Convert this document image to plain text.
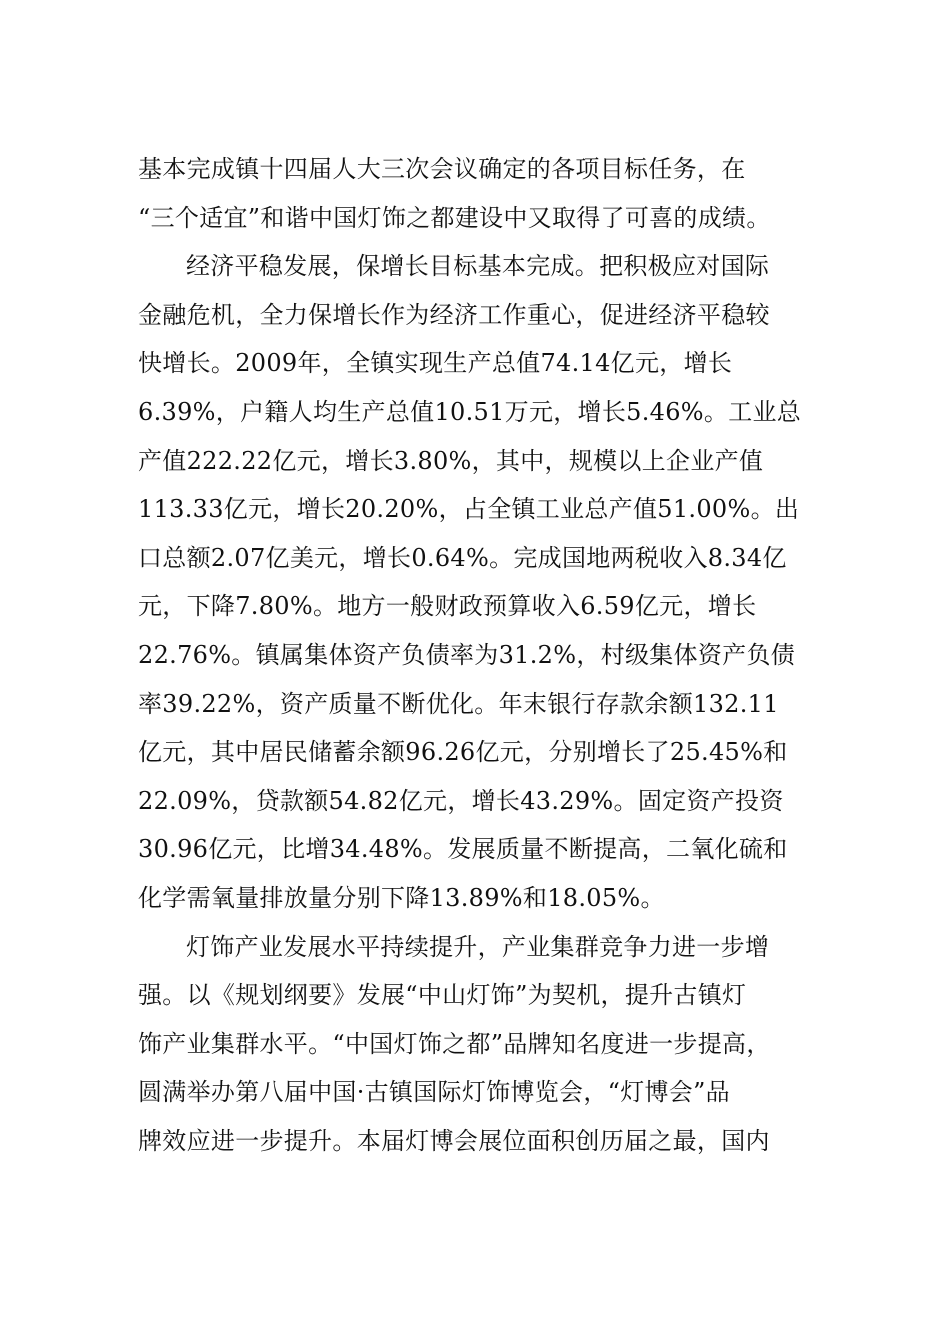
基本完成镇十四届人大三次会议确定的各项目标任务，在
“三个适宜”和谐中国灯饰之都建设中又取得了可喜的成绩。
经济平稳发展，保增长目标基本完成。把积极应对国际
金融危机，全力保增长作为经济工作重心，促进经济平稳较
快增长。2009年，全镇实现生产总值74.14亿元，增长
6.39%，户籍人均生产总值10.51万元，增长5.46%。工业总
产值222.22亿元，增长3.80%，其中，规模以上企业产值
113.33亿元，增长20.20%，占全镇工业总产值51.00%。出
口总额2.07亿美元，增长0.64%。完成国地两税收入8.34亿
元，下降7.80%。地方一般财政预算收入6.59亿元，增长
22.76%。镇属集体资产负债率为31.2%，村级集体资产负债
率39.22%，资产质量不断优化。年末银行存款余额132.11
亿元，其中居民储蓄余额96.26亿元，分别增长了25.45%和
22.09%，贷款额54.82亿元，增长43.29%。固定资产投资
30.96亿元，比增34.48%。发展质量不断提高，二氧化硫和
化学需氧量排放量分别下降13.89%和18.05%。
灯饰产业发展水平持续提升，产业集群竞争力进一步增
强。以《规划纲要》发展“中山灯饰”为契机，提升古镇灯
饰产业集群水平。“中国灯饰之都”品牌知名度进一步提高，
圆满举办第八届中国·古镇国际灯饰博览会，“灯博会”品
牌效应进一步提升。本届灯博会展位面积创历届之最，国内
